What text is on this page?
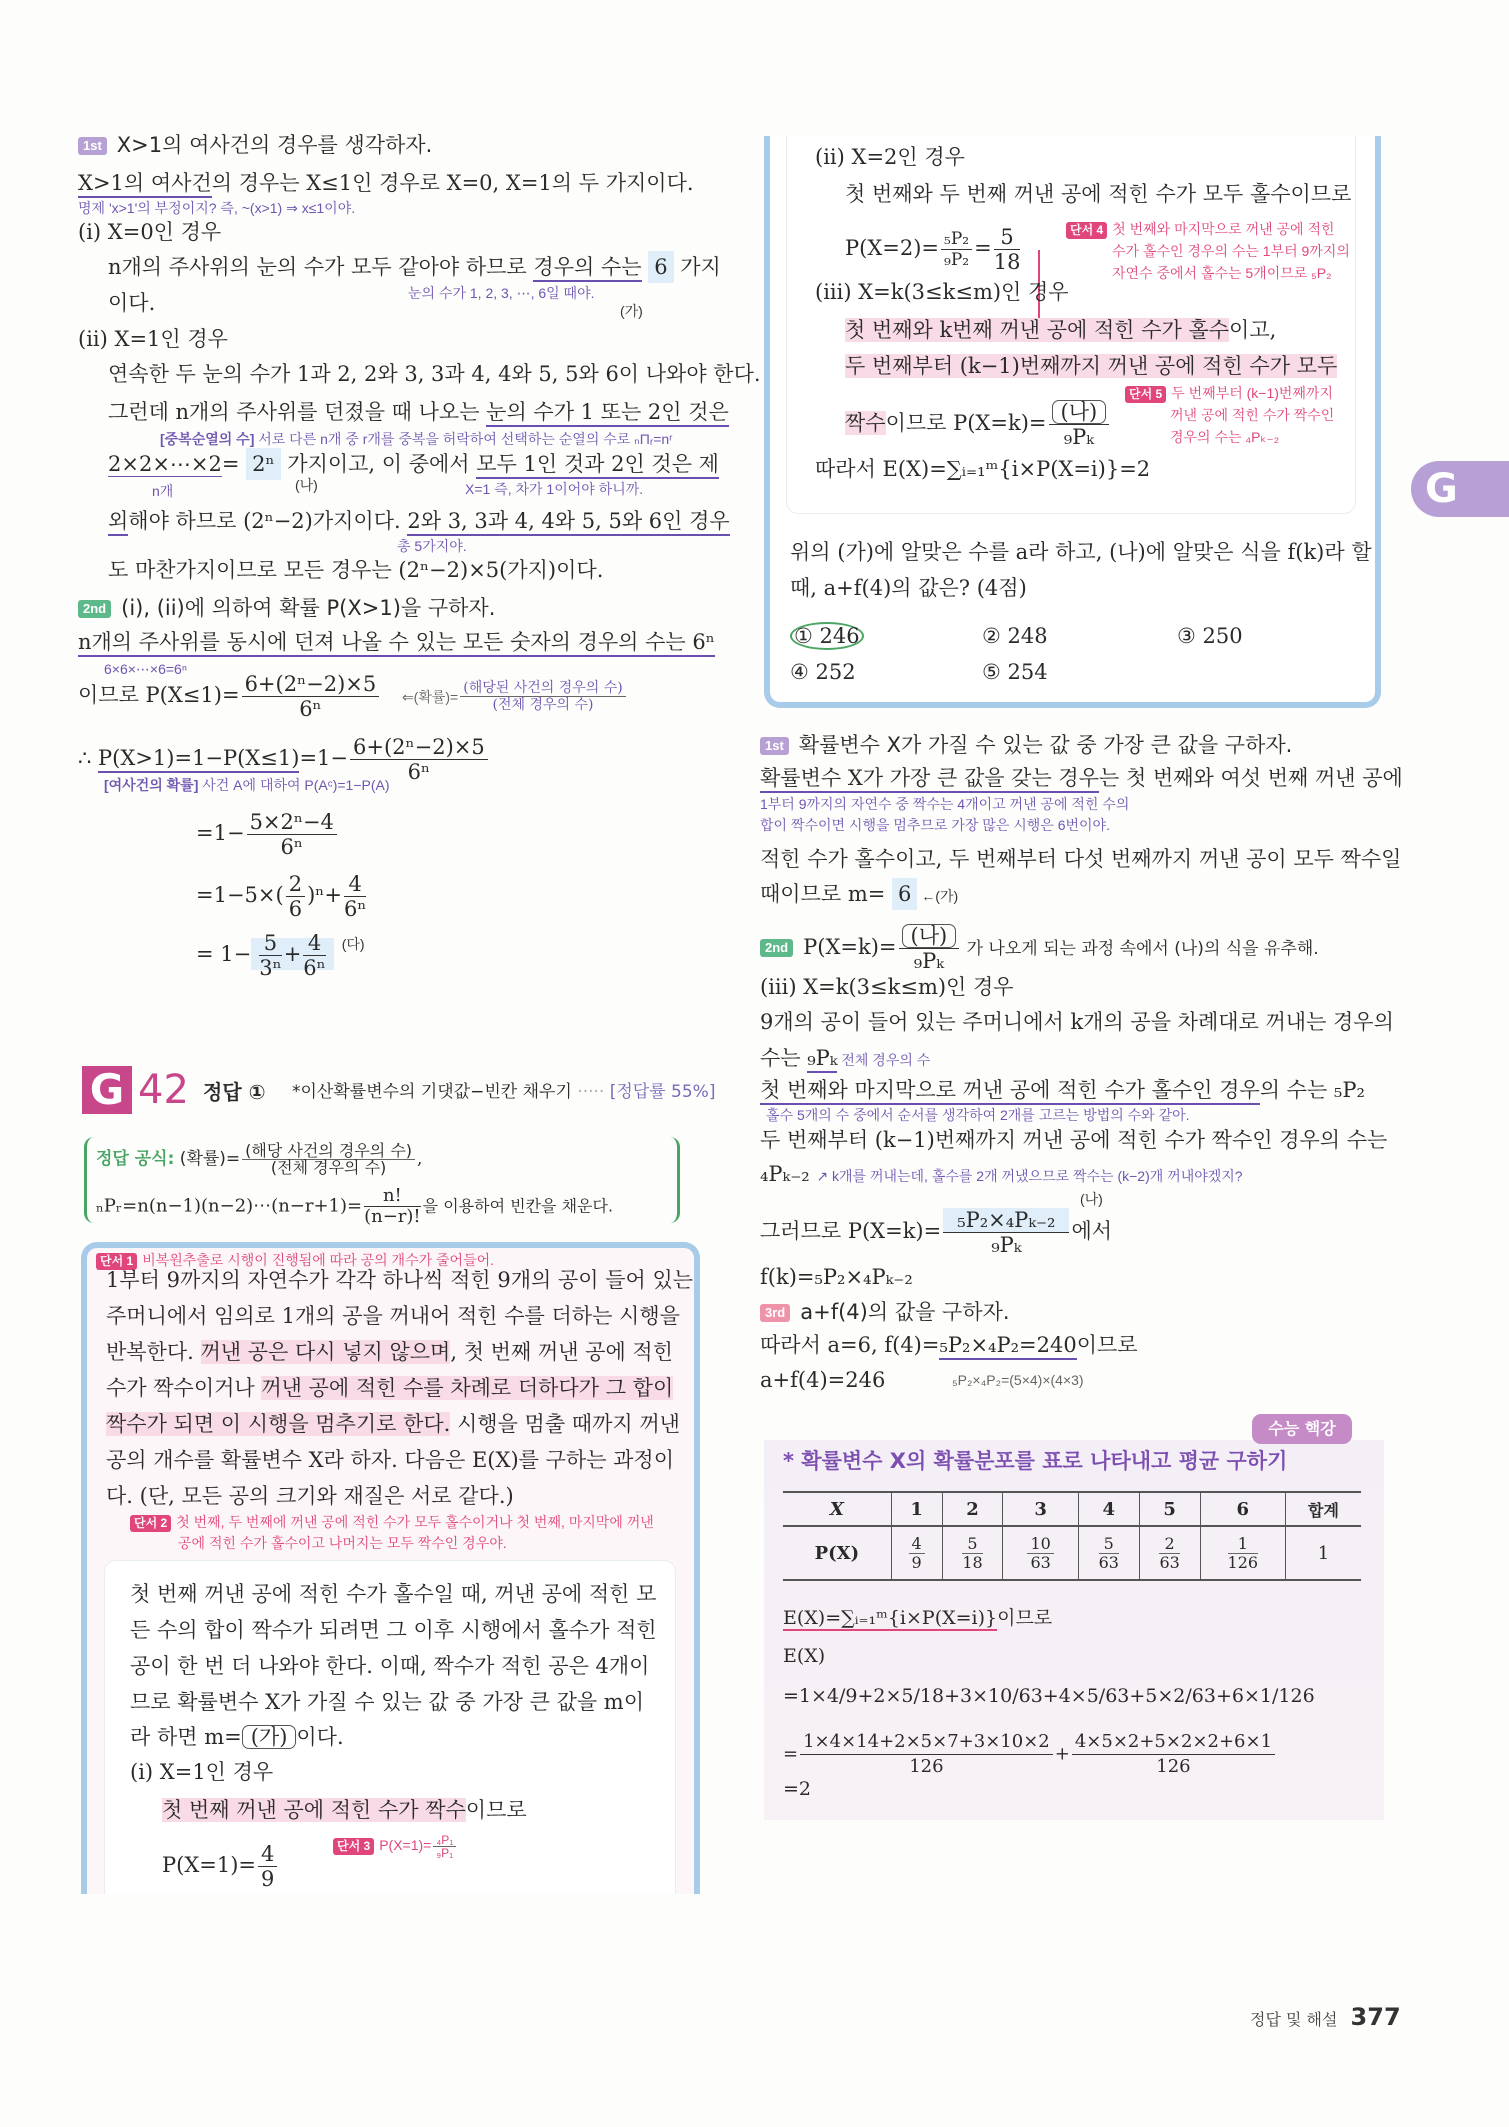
1st X>1의 여사건의 경우를 생각하자.
X>1의 여사건의 경우는 X≤1인 경우로 X=0, X=1의 두 가지이다.
명제 'x>1'의 부정이지? 즉, ~(x>1) ⇒ x≤1이야.
(i) X=0인 경우
n개의 주사위의 눈의 수가 모두 같아야 하므로 경우의 수는 6 가지
이다.	눈의 수가 1, 2, 3, ⋯, 6일 때야.
(가)
(ii) X=1인 경우
연속한 두 눈의 수가 1과 2, 2와 3, 3과 4, 4와 5, 5와 6이 나와야 한다.
그런데 n개의 주사위를 던졌을 때 나오는 눈의 수가 1 또는 2인 것은
[중복순열의 수] 서로 다른 n개 중 r개를 중복을 허락하여 선택하는 순열의 수로 ₙΠᵣ=nʳ
2×2×⋯×2= 2ⁿ 가지이고, 이 중에서 모두 1인 것과 2인 것은 제
n개	(나)	X=1 즉, 차가 1이어야 하니까.
외해야 하므로 (2ⁿ−2)가지이다. 2와 3, 3과 4, 4와 5, 5와 6인 경우
총 5가지야.
도 마찬가지이므로 모든 경우는 (2ⁿ−2)×5(가지)이다.
2nd (i), (ii)에 의하여 확률 P(X>1)을 구하자.
n개의 주사위를 동시에 던져 나올 수 있는 모든 숫자의 경우의 수는 6ⁿ
6×6×⋯×6=6ⁿ
이므로 $P(X\le 1)= \frac{\text{6+(2ⁿ−2)×5}}{\text{6ⁿ}}$ ⇐(확률)=
(해당된 사건의 경우의 수)
(전체 경우의 수)
∴ $P(X>1)=1-P(X\le 1)=1- \frac{\text{6+(2ⁿ−2)×5}}{\text{6ⁿ}}$
[여사건의 확률] 사건 A에 대하여 P(Aᶜ)=1−P(A)
$=1- \frac{\text{5×2ⁿ−4}}{\text{6ⁿ}}$
$=1-5\times( \frac{2}{6} )^n+ \frac{4}{\text{6ⁿ}}$
= $1- \frac{5}{\text{3ⁿ}} + \frac{4}{\text{6ⁿ}} ^{(다)}$
G 42 정답 ① *이산확률변수의 기댓값−빈칸 채우기 ····· [정답률 55%]
정답 공식: (확률)= (해당 사건의 경우의 수)
(전체 경우의 수)	,
ₙPᵣ=n(n−1)(n−2)⋯(n−r+1)= $\frac{n!}{(n-r)!}$ 을 이용하여 빈칸을 채운다.
단서 1 비복원추출로 시행이 진행됨에 따라 공의 개수가 줄어들어.
1부터 9까지의 자연수가 각각 하나씩 적힌 9개의 공이 들어 있는
주머니에서 임의로 1개의 공을 꺼내어 적힌 수를 더하는 시행을
반복한다. 꺼낸 공은 다시 넣지 않으며, 첫 번째 꺼낸 공에 적힌
수가 짝수이거나 꺼낸 공에 적힌 수를 차례로 더하다가 그 합이
짝수가 되면 이 시행을 멈추기로 한다. 시행을 멈출 때까지 꺼낸
공의 개수를 확률변수 X라 하자. 다음은 E(X)를 구하는 과정이
다. (단, 모든 공의 크기와 재질은 서로 같다.)
단서 2 첫 번째, 두 번째에 꺼낸 공에 적힌 수가 모두 홀수이거나 첫 번째, 마지막에 꺼낸
공에 적힌 수가 홀수이고 나머지는 모두 짝수인 경우야.
첫 번째 꺼낸 공에 적힌 수가 홀수일 때, 꺼낸 공에 적힌 모
든 수의 합이 짝수가 되려면 그 이후 시행에서 홀수가 적힌
공이 한 번 더 나와야 한다. 이때, 짝수가 적힌 공은 4개이
므로 확률변수 X가 가질 수 있는 값 중 가장 큰 값을 m이
라 하면 m= (가) 이다.
(i) X=1인 경우
첫 번째 꺼낸 공에 적힌 수가 짝수이므로
$P(X=1)= \frac{4}{9}$	단서 3 $P(X=1)= \frac{\text{₄P₁}}{\text{₉P₁}}$
(ii) X=2인 경우
첫 번째와 두 번째 꺼낸 공에 적힌 수가 모두 홀수이므로
$P(X=2)= \frac{\text{₅P₂}}{\text{₉P₂}} = \frac{5}{18}$	단서 4 첫 번째와 마지막으로 꺼낸 공에 적힌
수가 홀수인 경우의 수는 1부터 9까지의
자연수 중에서 홀수는 5개이므로 ₅P₂
(iii) X=k(3≤k≤m)인 경우
첫 번째와 k번째 꺼낸 공에 적힌 수가 홀수이고,
두 번째부터 (k−1)번째까지 꺼낸 공에 적힌 수가 모두
짝수이므로 P(X=k)= (나)
₉Pₖ
단서 5 두 번째부터 (k−1)번째까지
꺼낸 공에 적힌 수가 짝수인
경우의 수는 ₄Pₖ₋₂
따라서 E(X)=∑ᵢ₌₁ᵐ{i×P(X=i)}=2
위의 (가)에 알맞은 수를 a라 하고, (나)에 알맞은 식을 f(k)라 할
때, a+f(4)의 값은? (4점)
① 246	② 248	③ 250
④ 252	⑤ 254
1st 확률변수 X가 가질 수 있는 값 중 가장 큰 값을 구하자.
확률변수 X가 가장 큰 값을 갖는 경우는 첫 번째와 여섯 번째 꺼낸 공에
1부터 9까지의 자연수 중 짝수는 4개이고 꺼낸 공에 적힌 수의
합이 짝수이면 시행을 멈추므로 가장 많은 시행은 6번이야.
적힌 수가 홀수이고, 두 번째부터 다섯 번째까지 꺼낸 공이 모두 짝수일
때이므로 m= 6 ←(가)
2nd P(X=k)= (나)
₉Pₖ	가 나오게 되는 과정 속에서 (나)의 식을 유추해.
(iii) X=k(3≤k≤m)인 경우
9개의 공이 들어 있는 주머니에서 k개의 공을 차례대로 꺼내는 경우의
수는 ₉Pₖ 전체 경우의 수
첫 번째와 마지막으로 꺼낸 공에 적힌 수가 홀수인 경우의 수는 ₅P₂
홀수 5개의 수 중에서 순서를 생각하여 2개를 고르는 방법의 수와 같아.
두 번째부터 (k−1)번째까지 꺼낸 공에 적힌 수가 짝수인 경우의 수는
₄Pₖ₋₂ ↗ k개를 꺼내는데, 홀수를 2개 꺼냈으므로 짝수는 (k−2)개 꺼내야겠지?
그러므로 $P(X=k)= \frac{\text{₅P₂×₄Pₖ₋₂}}{\text{₉Pₖ}}$ 에서
(나)
f(k)=₅P₂×₄Pₖ₋₂
3rd a+f(4)의 값을 구하자.
따라서 a=6, f(4)=₅P₂×₄P₂=240이므로
₅P₂×₄P₂=(5×4)×(4×3)
a+f(4)=246
수능 핵강
* 확률변수 X의 확률분포를 표로 나타내고 평균 구하기
X	1	2	3	4	5	6	합계
P(X)	$\frac{4}{9}$	$\frac{5}{18}$	$\frac{10}{63}$	$\frac{5}{63}$	$\frac{2}{63}$	$\frac{1}{126}$	1
E(X)=∑ᵢ₌₁ᵐ{i×P(X=i)}이므로
E(X)
=1×4/9+2×5/18+3×10/63+4×5/63+5×2/63+6×1/126
= $\frac{1\times 4\times 14+2\times 5\times 7+3\times 10\times 2}{126} + \frac{4\times 5\times 2+5\times 2\times 2+6\times 1}{126}$
=2
G
정답 및 해설 377
